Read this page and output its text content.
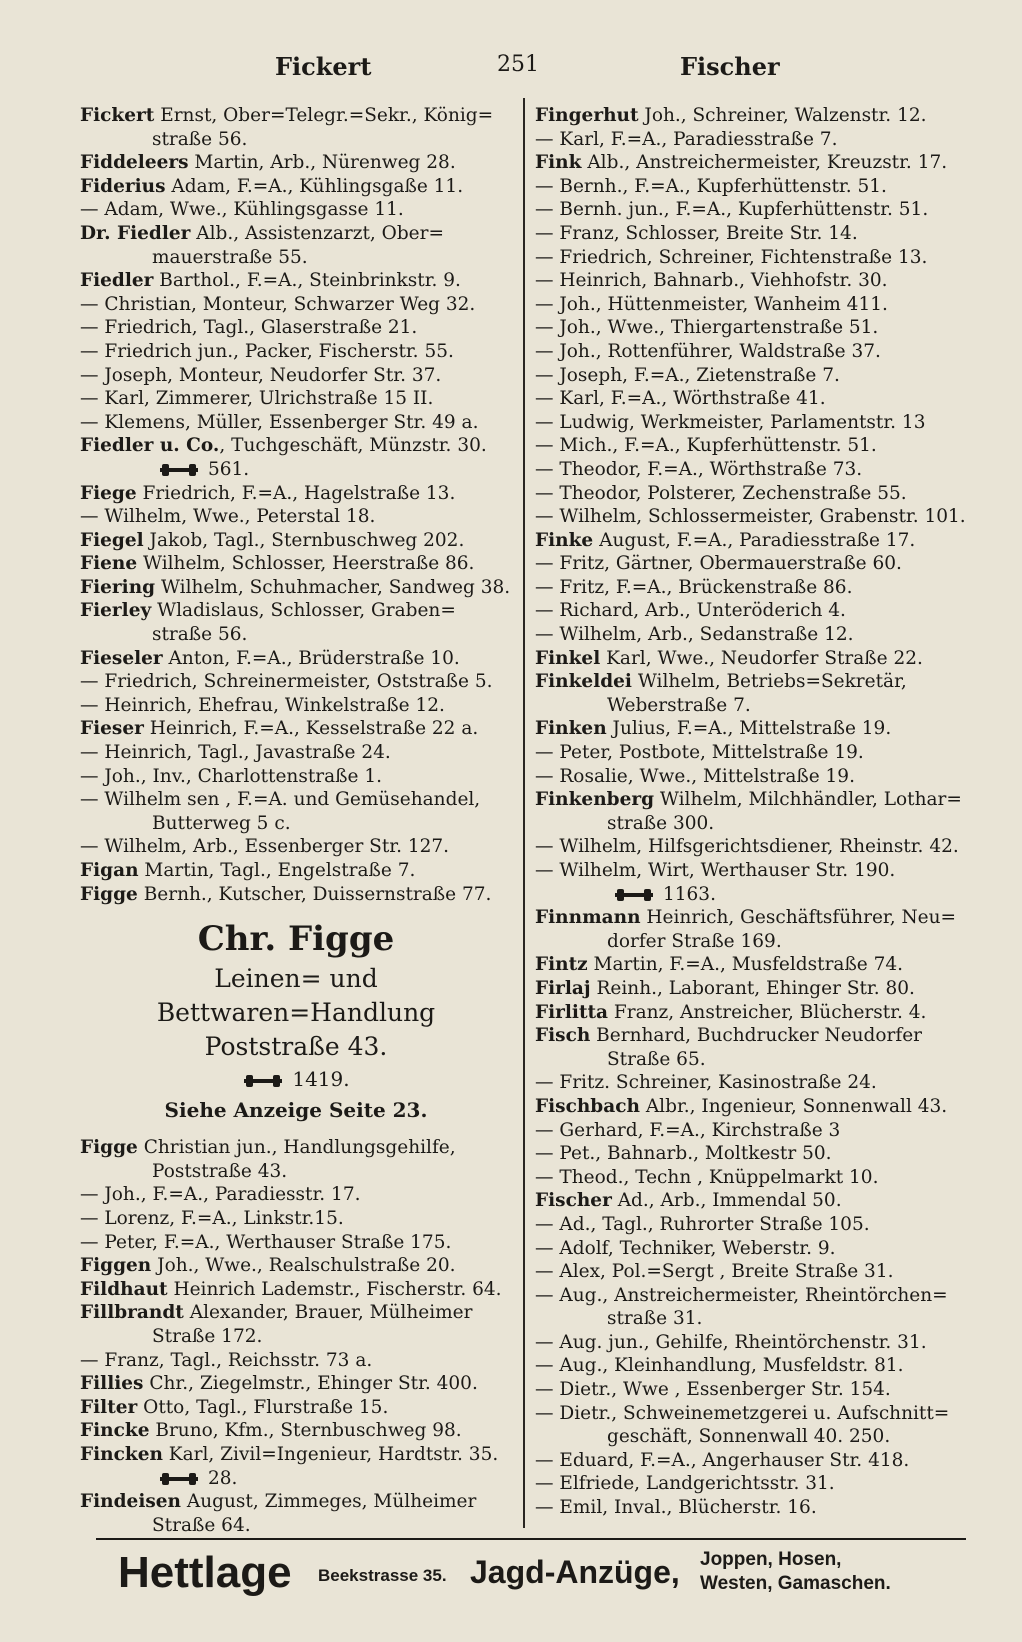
Fickert	251	Fischer
Fickert Ernst, Ober=Telegr.=Sekr., König=
straße 56.
Fiddeleers Martin, Arb., Nürenweg 28.
Fiderius Adam, F.=A., Kühlingsgaße 11.
— Adam, Wwe., Kühlingsgasse 11.
Dr. Fiedler Alb., Assistenzarzt, Ober=
mauerstraße 55.
Fiedler Barthol., F.=A., Steinbrinkstr. 9.
— Christian, Monteur, Schwarzer Weg 32.
— Friedrich, Tagl., Glaserstraße 21.
— Friedrich jun., Packer, Fischerstr. 55.
— Joseph, Monteur, Neudorfer Str. 37.
— Karl, Zimmerer, Ulrichstraße 15 II.
— Klemens, Müller, Essenberger Str. 49 a.
Fiedler u. Co., Tuchgeschäft, Münzstr. 30.
561.
Fiege Friedrich, F.=A., Hagelstraße 13.
— Wilhelm, Wwe., Peterstal 18.
Fiegel Jakob, Tagl., Sternbuschweg 202.
Fiene Wilhelm, Schlosser, Heerstraße 86.
Fiering Wilhelm, Schuhmacher, Sandweg 38.
Fierley Wladislaus, Schlosser, Graben=
straße 56.
Fieseler Anton, F.=A., Brüderstraße 10.
— Friedrich, Schreinermeister, Oststraße 5.
— Heinrich, Ehefrau, Winkelstraße 12.
Fieser Heinrich, F.=A., Kesselstraße 22 a.
— Heinrich, Tagl., Javastraße 24.
— Joh., Inv., Charlottenstraße 1.
— Wilhelm sen , F.=A. und Gemüsehandel,
Butterweg 5 c.
— Wilhelm, Arb., Essenberger Str. 127.
Figan Martin, Tagl., Engelstraße 7.
Figge Bernh., Kutscher, Duissernstraße 77.
Chr. Figge
Leinen= und Bettwaren=Handlung
Poststraße 43.
1419.
Siehe Anzeige Seite 23.
Figge Christian jun., Handlungsgehilfe,
Poststraße 43.
— Joh., F.=A., Paradiesstr. 17.
— Lorenz, F.=A., Linkstr.15.
— Peter, F.=A., Werthauser Straße 175.
Figgen Joh., Wwe., Realschulstraße 20.
Fildhaut Heinrich Lademstr., Fischerstr. 64.
Fillbrandt Alexander, Brauer, Mülheimer
Straße 172.
— Franz, Tagl., Reichsstr. 73 a.
Fillies Chr., Ziegelmstr., Ehinger Str. 400.
Filter Otto, Tagl., Flurstraße 15.
Fincke Bruno, Kfm., Sternbuschweg 98.
Fincken Karl, Zivil=Ingenieur, Hardtstr. 35.
28.
Findeisen August, Zimmeges, Mülheimer
Straße 64.
Fingerhut Joh., Schreiner, Walzenstr. 12.
— Karl, F.=A., Paradiesstraße 7.
Fink Alb., Anstreichermeister, Kreuzstr. 17.
— Bernh., F.=A., Kupferhüttenstr. 51.
— Bernh. jun., F.=A., Kupferhüttenstr. 51.
— Franz, Schlosser, Breite Str. 14.
— Friedrich, Schreiner, Fichtenstraße 13.
— Heinrich, Bahnarb., Viehhofstr. 30.
— Joh., Hüttenmeister, Wanheim 411.
— Joh., Wwe., Thiergartenstraße 51.
— Joh., Rottenführer, Waldstraße 37.
— Joseph, F.=A., Zietenstraße 7.
— Karl, F.=A., Wörthstraße 41.
— Ludwig, Werkmeister, Parlamentstr. 13
— Mich., F.=A., Kupferhüttenstr. 51.
— Theodor, F.=A., Wörthstraße 73.
— Theodor, Polsterer, Zechenstraße 55.
— Wilhelm, Schlossermeister, Grabenstr. 101.
Finke August, F.=A., Paradiesstraße 17.
— Fritz, Gärtner, Obermauerstraße 60.
— Fritz, F.=A., Brückenstraße 86.
— Richard, Arb., Unteröderich 4.
— Wilhelm, Arb., Sedanstraße 12.
Finkel Karl, Wwe., Neudorfer Straße 22.
Finkeldei Wilhelm, Betriebs=Sekretär,
Weberstraße 7.
Finken Julius, F.=A., Mittelstraße 19.
— Peter, Postbote, Mittelstraße 19.
— Rosalie, Wwe., Mittelstraße 19.
Finkenberg Wilhelm, Milchhändler, Lothar=
straße 300.
— Wilhelm, Hilfsgerichtsdiener, Rheinstr. 42.
— Wilhelm, Wirt, Werthauser Str. 190.
1163.
Finnmann Heinrich, Geschäftsführer, Neu=
dorfer Straße 169.
Fintz Martin, F.=A., Musfeldstraße 74.
Firlaj Reinh., Laborant, Ehinger Str. 80.
Firlitta Franz, Anstreicher, Blücherstr. 4.
Fisch Bernhard, Buchdrucker Neudorfer
Straße 65.
— Fritz. Schreiner, Kasinostraße 24.
Fischbach Albr., Ingenieur, Sonnenwall 43.
— Gerhard, F.=A., Kirchstraße 3
— Pet., Bahnarb., Moltkestr 50.
— Theod., Techn , Knüppelmarkt 10.
Fischer Ad., Arb., Immendal 50.
— Ad., Tagl., Ruhrorter Straße 105.
— Adolf, Techniker, Weberstr. 9.
— Alex, Pol.=Sergt , Breite Straße 31.
— Aug., Anstreichermeister, Rheintörchen=
straße 31.
— Aug. jun., Gehilfe, Rheintörchenstr. 31.
— Aug., Kleinhandlung, Musfeldstr. 81.
— Dietr., Wwe , Essenberger Str. 154.
— Dietr., Schweinemetzgerei u. Aufschnitt=
geschäft, Sonnenwall 40. 250.
— Eduard, F.=A., Angerhauser Str. 418.
— Elfriede, Landgerichtsstr. 31.
— Emil, Inval., Blücherstr. 16.
Hettlage Beekstrasse 35. Jagd-Anzüge, Joppen, Hosen,
Westen, Gamaschen.
